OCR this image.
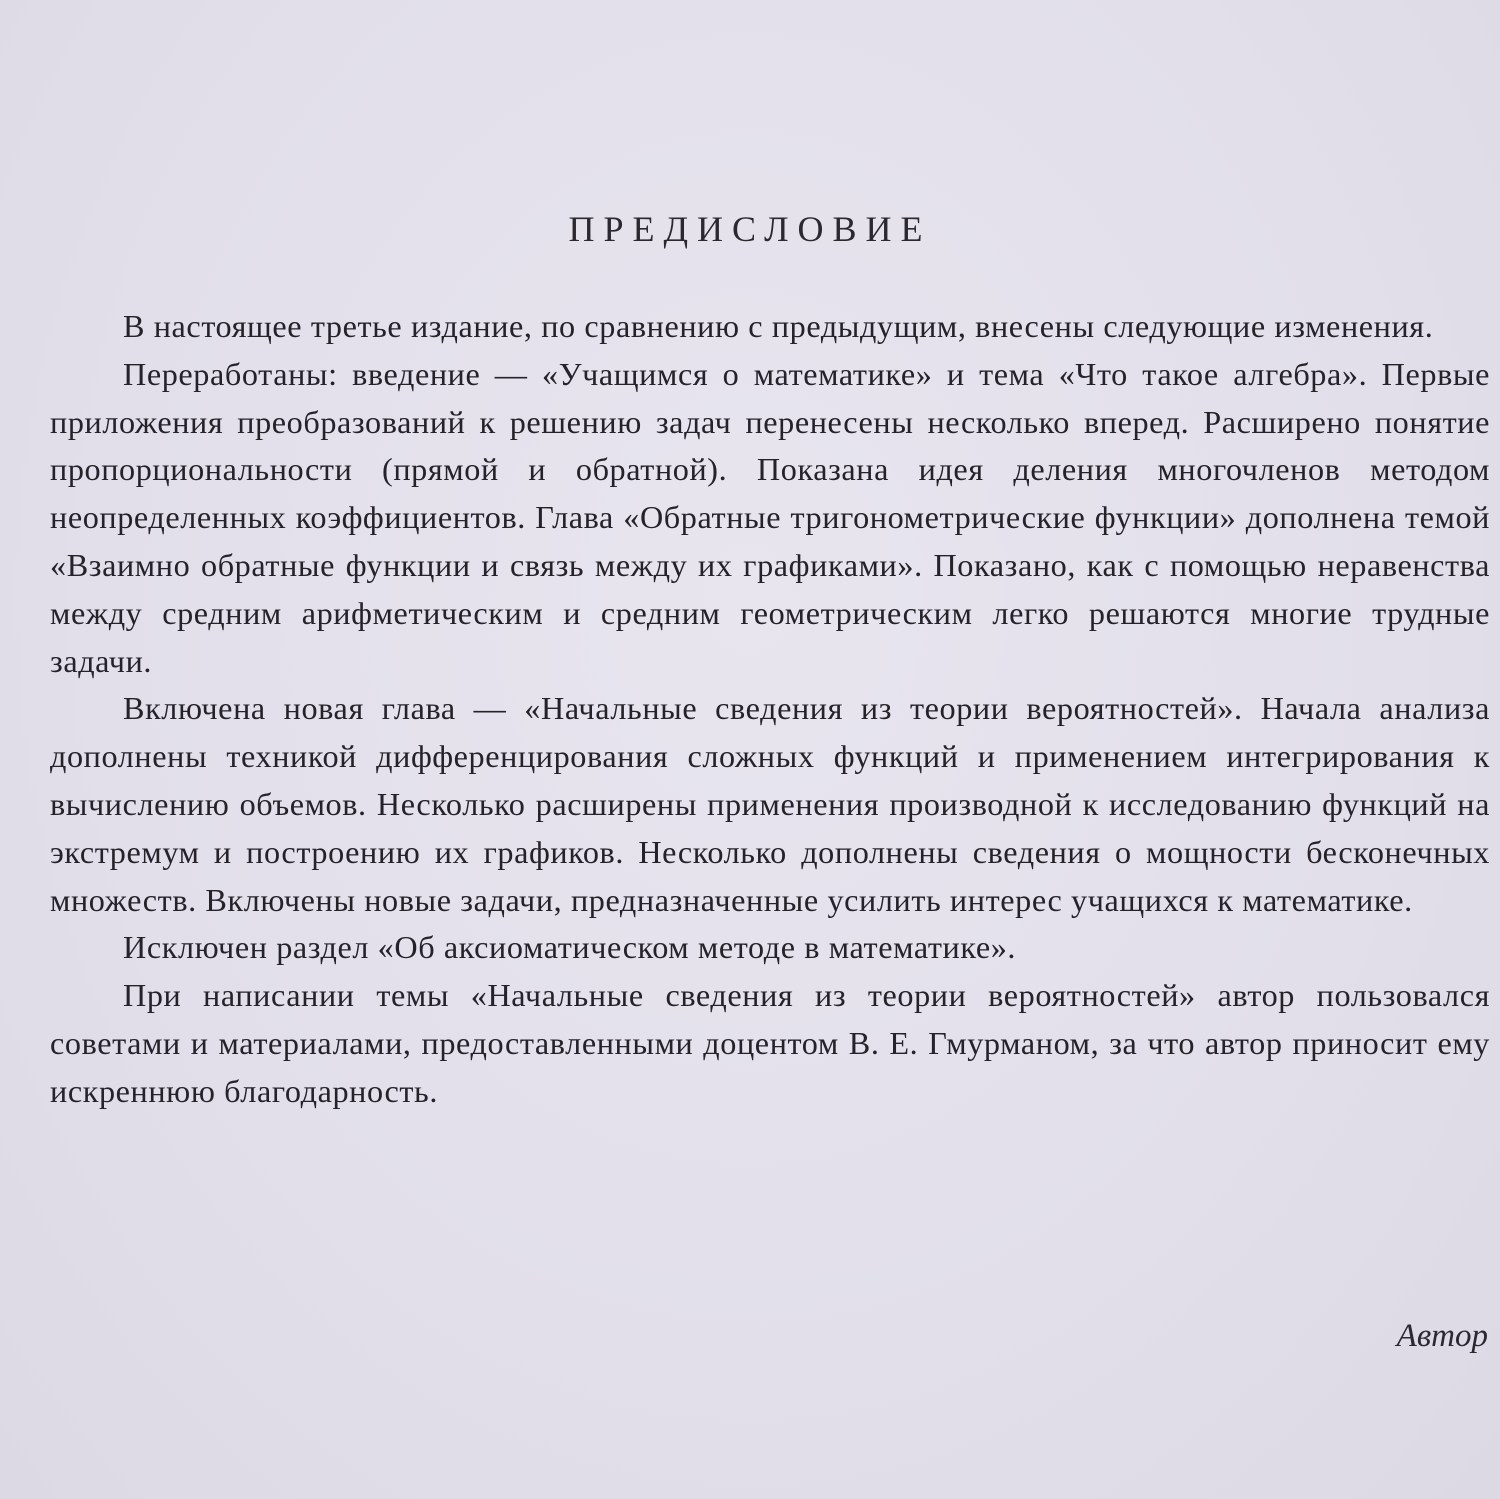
ПРЕДИСЛОВИЕ

В настоящее третье издание, по сравнению с предыдущим, внесены следующие изменения.

Переработаны: введение — «Учащимся о математике» и тема «Что такое алгебра». Первые приложения преобразований к решению задач перенесены несколько вперед. Расширено понятие пропорциональности (прямой и обратной). Показана идея деления многочленов методом неопределенных коэффициентов. Глава «Обратные тригонометрические функции» дополнена темой «Взаимно обратные функции и связь между их графиками». Показано, как с помощью неравенства между средним арифметическим и средним геометрическим легко решаются многие трудные задачи.

Включена новая глава — «Начальные сведения из теории вероятностей». Начала анализа дополнены техникой дифференцирования сложных функций и применением интегрирования к вычислению объемов. Несколько расширены применения производной к исследованию функций на экстремум и построению их графиков. Несколько дополнены сведения о мощности бесконечных множеств. Включены новые задачи, предназначенные усилить интерес учащихся к математике.

Исключен раздел «Об аксиоматическом методе в математике».

При написании темы «Начальные сведения из теории вероятностей» автор пользовался советами и материалами, предоставленными доцентом В. Е. Гмурманом, за что автор приносит ему искреннюю благодарность.

Автор
